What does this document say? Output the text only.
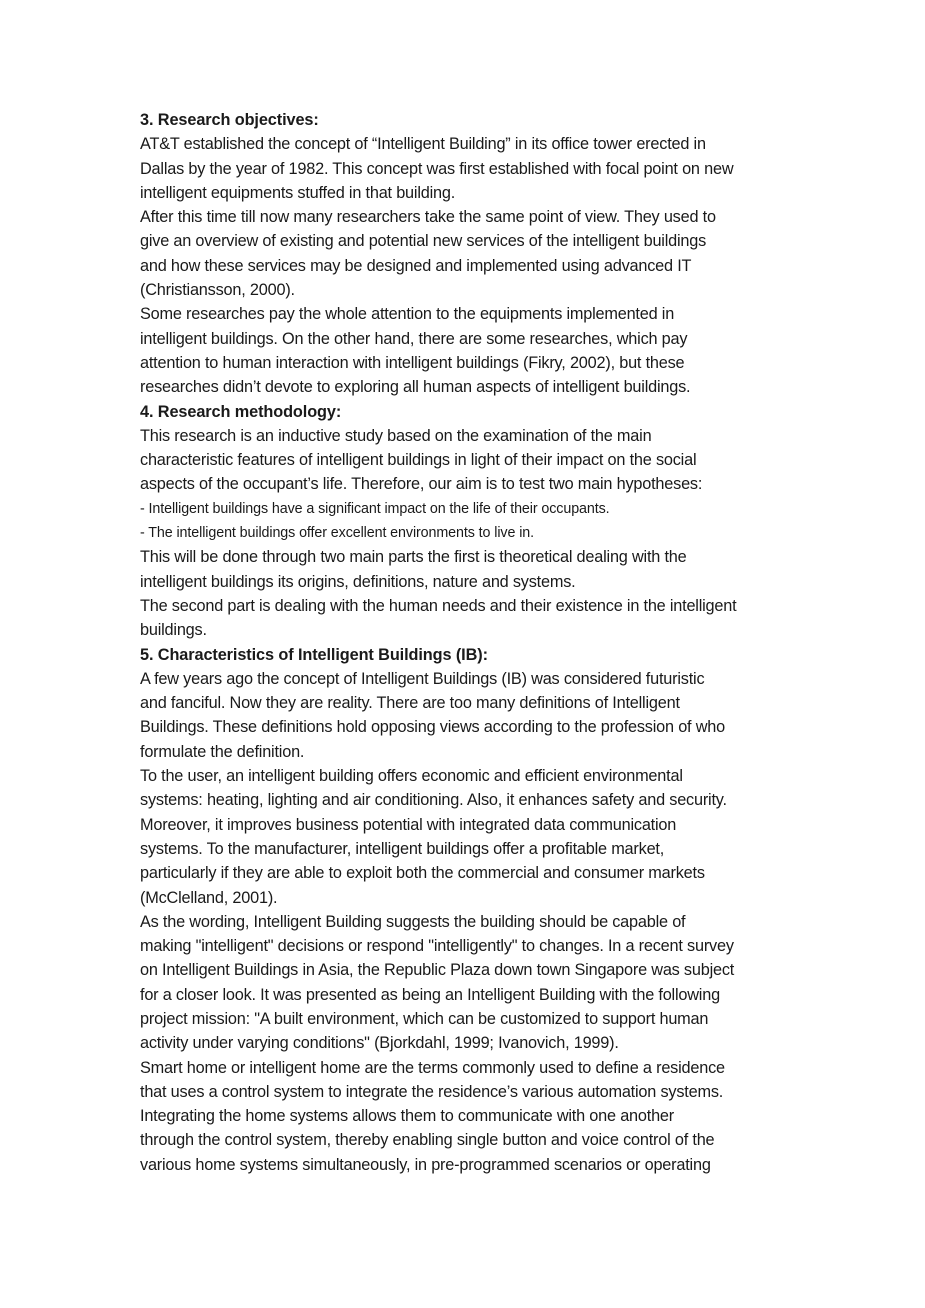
3. Research objectives:
AT&T established the concept of “Intelligent Building” in its office tower erected in
Dallas by the year of 1982. This concept was first established with focal point on new
intelligent equipments stuffed in that building.
After this time till now many researchers take the same point of view. They used to
give an overview of existing and potential new services of the intelligent buildings
and how these services may be designed and implemented using advanced IT
(Christiansson, 2000).
Some researches pay the whole attention to the equipments implemented in
intelligent buildings. On the other hand, there are some researches, which pay
attention to human interaction with intelligent buildings (Fikry, 2002), but these
researches didn’t devote to exploring all human aspects of intelligent buildings.
4. Research methodology:
This research is an inductive study based on the examination of the main
characteristic features of intelligent buildings in light of their impact on the social
aspects of the occupant’s life. Therefore, our aim is to test two main hypotheses:
- Intelligent buildings have a significant impact on the life of their occupants.
- The intelligent buildings offer excellent environments to live in.
This will be done through two main parts the first is theoretical dealing with the
intelligent buildings its origins, definitions, nature and systems.
The second part is dealing with the human needs and their existence in the intelligent
buildings.
5. Characteristics of Intelligent Buildings (IB):
A few years ago the concept of Intelligent Buildings (IB) was considered futuristic
and fanciful. Now they are reality. There are too many definitions of Intelligent
Buildings. These definitions hold opposing views according to the profession of who
formulate the definition.
To the user, an intelligent building offers economic and efficient environmental
systems: heating, lighting and air conditioning. Also, it enhances safety and security.
Moreover, it improves business potential with integrated data communication
systems. To the manufacturer, intelligent buildings offer a profitable market,
particularly if they are able to exploit both the commercial and consumer markets
(McClelland, 2001).
As the wording, Intelligent Building suggests the building should be capable of
making "intelligent" decisions or respond "intelligently" to changes. In a recent survey
on Intelligent Buildings in Asia, the Republic Plaza down town Singapore was subject
for a closer look. It was presented as being an Intelligent Building with the following
project mission: "A built environment, which can be customized to support human
activity under varying conditions" (Bjorkdahl, 1999; Ivanovich, 1999).
Smart home or intelligent home are the terms commonly used to define a residence
that uses a control system to integrate the residence’s various automation systems.
Integrating the home systems allows them to communicate with one another
through the control system, thereby enabling single button and voice control of the
various home systems simultaneously, in pre-programmed scenarios or operating
